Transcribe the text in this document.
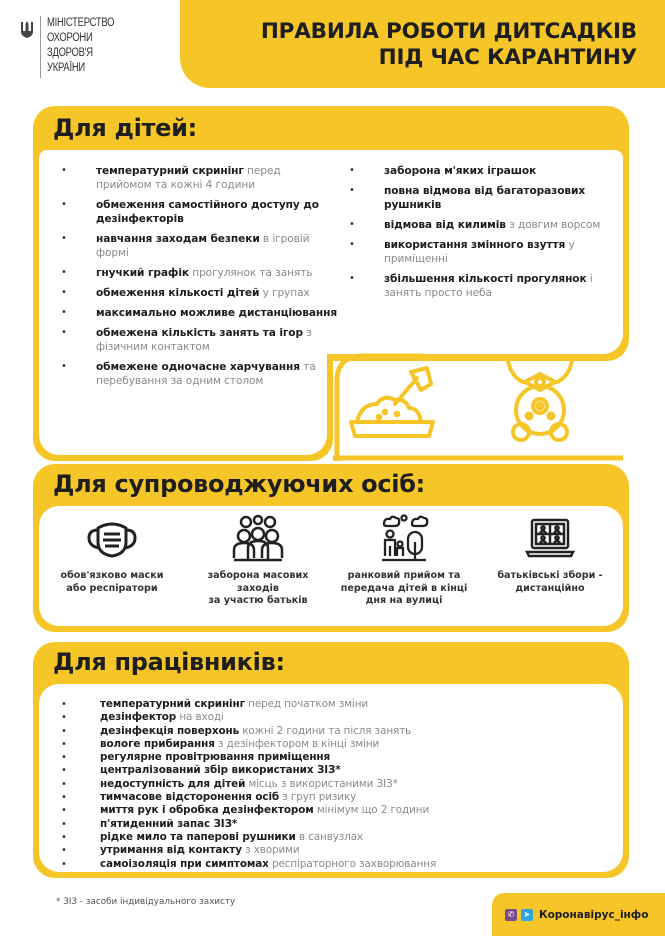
МІНІСТЕРСТВО
ОХОРОНИ
ЗДОРОВ'Я
УКРАЇНИ
ПРАВИЛА РОБОТИ ДИТСАДКІВ
ПІД ЧАС КАРАНТИНУ
Для дітей:
•	температурний скринінг перед прийомом та кожні 4 години
•	обмеження самостійного доступу до дезінфекторів
•	навчання заходам безпеки в ігровій формі
•	гнучкий графік прогулянок та занять
•	обмеження кількості дітей у групах
•	максимально можливе дистанціювання
•	обмежена кількість занять та ігор з фізичним контактом
•	обмежене одночасне харчування та перебування за одним столом
•	заборона м'яких іграшок
•	повна відмова від багаторазових рушників
•	відмова від килимів з довгим ворсом
•	використання змінного взуття у приміщенні
•	збільшення кількості прогулянок і занять просто неба
Для супроводжуючих осіб:
обов'язково маски
або респіратори
заборона масових заходів
за участю батьків
ранковий прийом та
передача дітей в кінці
дня на вулиці
батьківські збори -
дистанційно
Для працівників:
•	температурний скринінг перед початком зміни
•	дезінфектор на вході
•	дезінфекція поверхонь кожні 2 години та після занять
•	вологе прибирання з дезінфектором в кінці зміни
•	регулярне провітрювання приміщення
•	централізований збір використаних ЗІЗ*
•	недоступність для дітей місць з використаними ЗІЗ*
•	тимчасове відсторонення осіб з груп ризику
•	миття рук і обробка дезінфектором мінімум що 2 години
•	п'ятиденний запас ЗІЗ*
•	рідке мило та паперові рушники в санвузлах
•	утримання від контакту з хворими
•	самоізоляція при симптомах респіраторного захворювання
* ЗІЗ - засоби індивідуального захисту
✆	➤ Коронавірус_інфо
